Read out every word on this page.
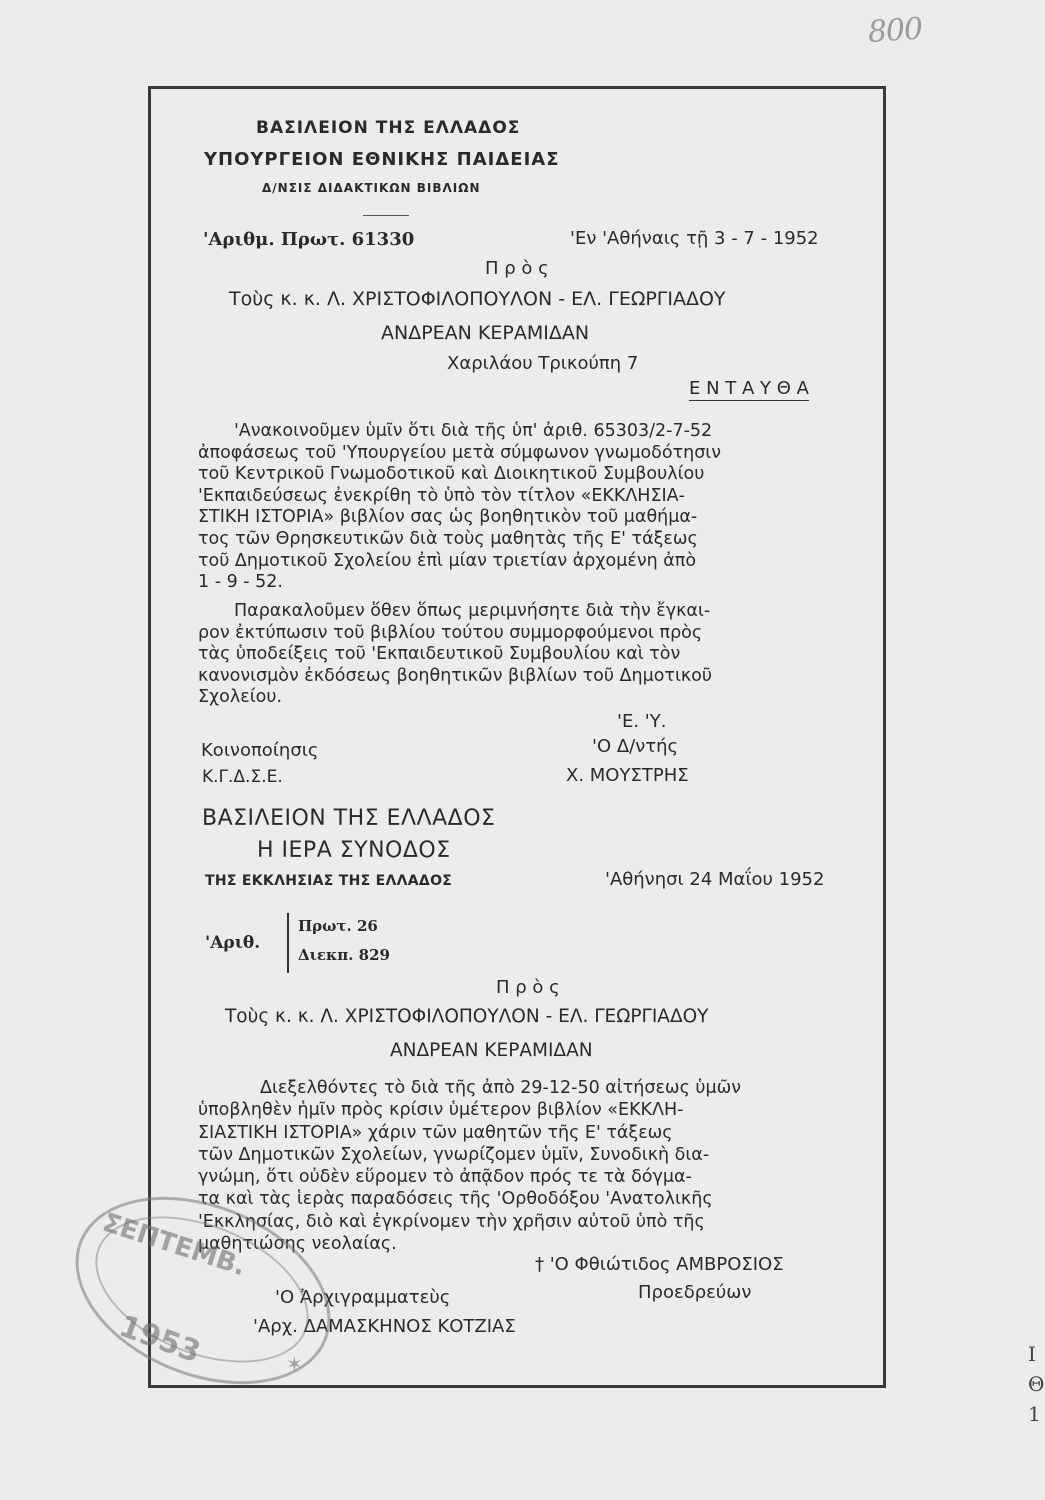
800
ΒΑΣΙΛΕΙΟΝ ΤΗΣ ΕΛΛΑΔΟΣ
ΥΠΟΥΡΓΕΙΟΝ ΕΘΝΙΚΗΣ ΠΑΙΔΕΙΑΣ
Δ/ΝΣΙΣ ΔΙΔΑΚΤΙΚΩΝ ΒΙΒΛΙΩΝ
'Αριθμ. Πρωτ. 61330	'Εν 'Αθήναις τῇ 3 - 7 - 1952
Π ρ ὸ ς
Τοὺς κ. κ. Λ. ΧΡΙΣΤΟΦΙΛΟΠΟΥΛΟΝ - ΕΛ. ΓΕΩΡΓΙΑΔΟΥ
ΑΝΔΡΕΑΝ ΚΕΡΑΜΙΔΑΝ
Χαριλάου Τρικούπη 7
Ε Ν Τ Α Υ Θ Α
'Ανακοινοῦμεν ὑμῖν ὅτι διὰ τῆς ὑπ' ἀριθ. 65303/2-7-52
ἀποφάσεως τοῦ 'Υπουργείου μετὰ σύμφωνον γνωμοδότησιν
τοῦ Κεντρικοῦ Γνωμοδοτικοῦ καὶ Διοικητικοῦ Συμβουλίου
'Εκπαιδεύσεως ἐνεκρίθη τὸ ὑπὸ τὸν τίτλον «ΕΚΚΛΗΣΙΑ-
ΣΤΙΚΗ ΙΣΤΟΡΙΑ» βιβλίον σας ὡς βοηθητικὸν τοῦ μαθήμα-
τος τῶν Θρησκευτικῶν διὰ τοὺς μαθητὰς τῆς Ε' τάξεως
τοῦ Δημοτικοῦ Σχολείου ἐπὶ μίαν τριετίαν ἀρχομένη ἀπὸ
1 - 9 - 52.
Παρακαλοῦμεν ὅθεν ὅπως μεριμνήσητε διὰ τὴν ἔγκαι-
ρον ἐκτύπωσιν τοῦ βιβλίου τούτου συμμορφούμενοι πρὸς
τὰς ὑποδείξεις τοῦ 'Εκπαιδευτικοῦ Συμβουλίου καὶ τὸν
κανονισμὸν ἐκδόσεως βοηθητικῶν βιβλίων τοῦ Δημοτικοῦ
Σχολείου.
'Ε. 'Υ.
Κοινοποίησις	'Ο Δ/ντής
Κ.Γ.Δ.Σ.Ε.	Χ. ΜΟΥΣΤΡΗΣ
ΒΑΣΙΛΕΙΟΝ ΤΗΣ ΕΛΛΑΔΟΣ
Η ΙΕΡΑ ΣΥΝΟΔΟΣ
ΤΗΣ ΕΚΚΛΗΣΙΑΣ ΤΗΣ ΕΛΛΑΔΟΣ	'Αθήνησι 24 Μαΐου 1952
'Αριθ.
Πρωτ. 26
Διεκπ. 829
Π ρ ὸ ς
Τοὺς κ. κ. Λ. ΧΡΙΣΤΟΦΙΛΟΠΟΥΛΟΝ - ΕΛ. ΓΕΩΡΓΙΑΔΟΥ
ΑΝΔΡΕΑΝ ΚΕΡΑΜΙΔΑΝ
Διεξελθόντες τὸ διὰ τῆς ἀπὸ 29-12-50 αἰτήσεως ὑμῶν
ὑποβληθὲν ἡμῖν πρὸς κρίσιν ὑμέτερον βιβλίον «ΕΚΚΛΗ-
ΣΙΑΣΤΙΚΗ ΙΣΤΟΡΙΑ» χάριν τῶν μαθητῶν τῆς Ε' τάξεως
τῶν Δημοτικῶν Σχολείων, γνωρίζομεν ὑμῖν, Συνοδικὴ δια-
γνώμη, ὅτι οὐδὲν εὕρομεν τὸ ἀπᾷδον πρός τε τὰ δόγμα-
τα καὶ τὰς ἱερὰς παραδόσεις τῆς 'Ορθοδόξου 'Ανατολικῆς
'Εκκλησίας, διὸ καὶ ἐγκρίνομεν τὴν χρῆσιν αὐτοῦ ὑπὸ τῆς
μαθητιώσης νεολαίας.
† 'Ο Φθιώτιδος ΑΜΒΡΟΣΙΟΣ
'Ο Ἀρχιγραμματεὺς	Προεδρεύων
'Αρχ. ΔΑΜΑΣΚΗΝΟΣ ΚΟΤΖΙΑΣ
ΣΕΠΤΕΜΒ.
1953	✶	Ι
Θ
1
